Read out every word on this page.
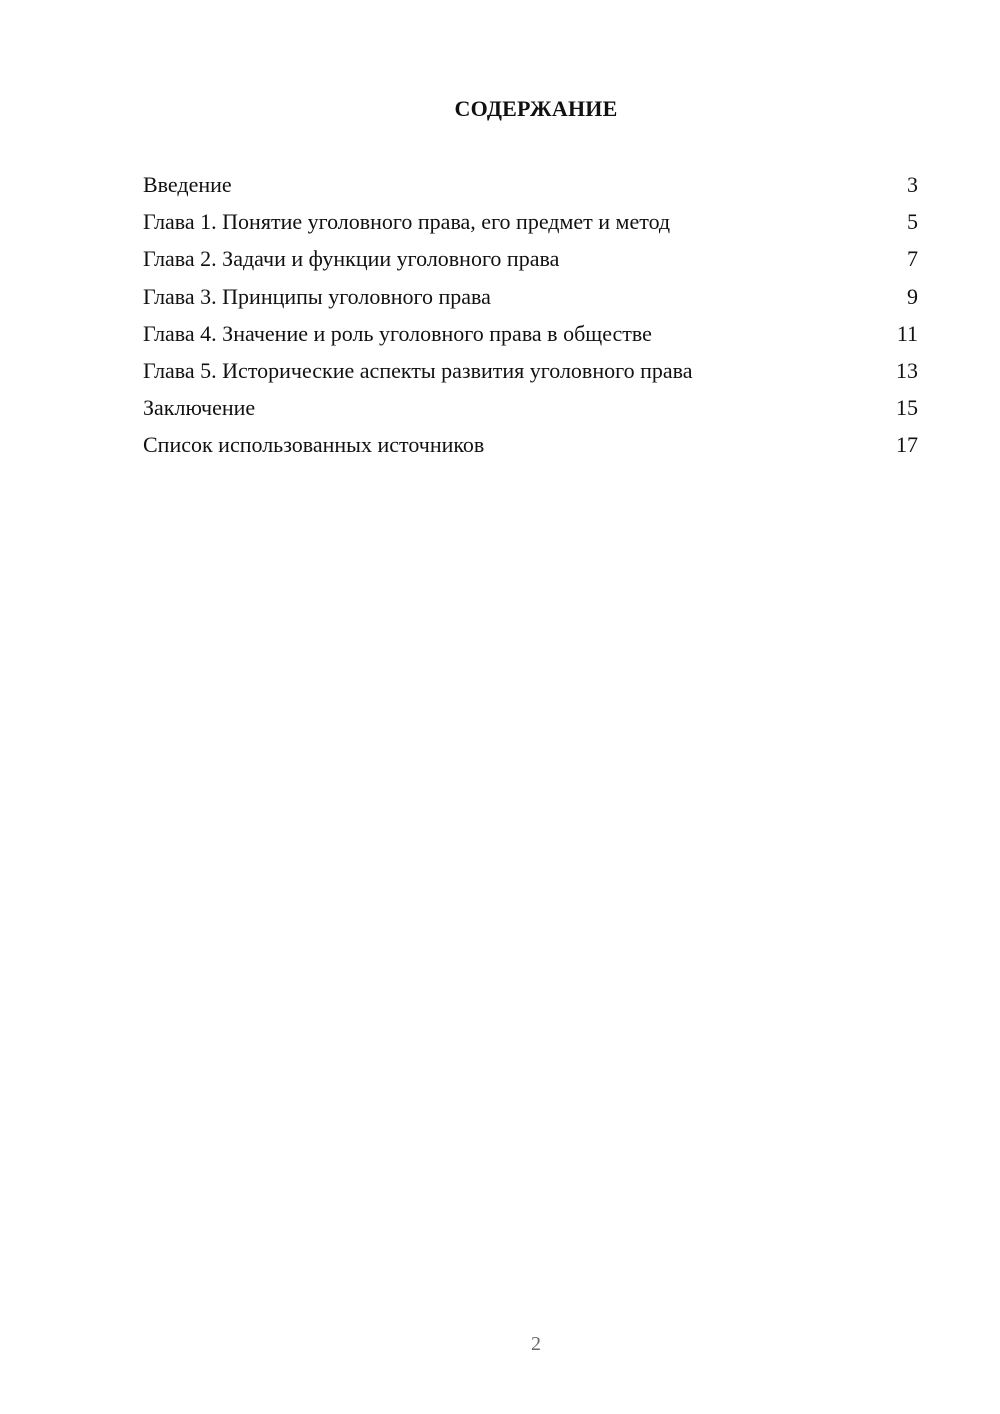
СОДЕРЖАНИЕ
Введение	3
Глава 1. Понятие уголовного права, его предмет и метод	5
Глава 2. Задачи и функции уголовного права	7
Глава 3. Принципы уголовного права	9
Глава 4. Значение и роль уголовного права в обществе	11
Глава 5. Исторические аспекты развития уголовного права	13
Заключение	15
Список использованных источников	17
2
